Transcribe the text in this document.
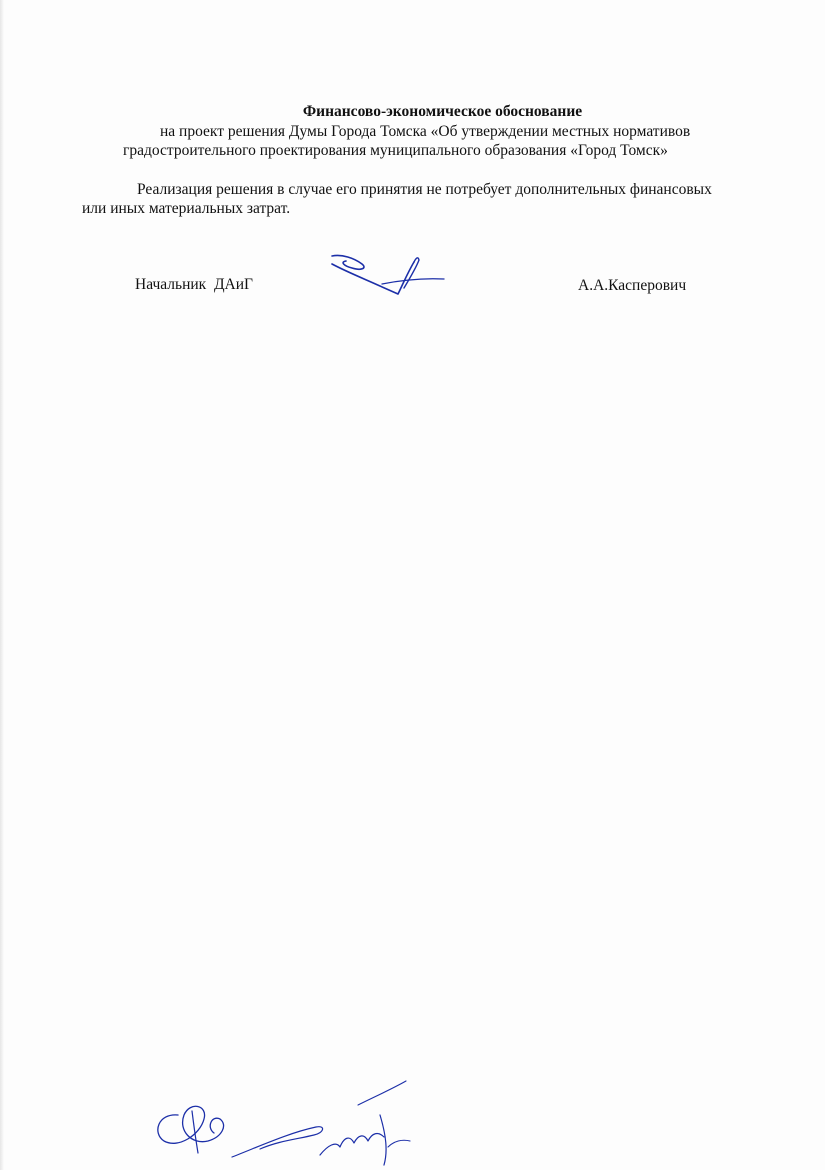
Финансово-экономическое обоснование
на проект решения Думы Города Томска «Об утверждении местных нормативов
градостроительного проектирования муниципального образования «Город Томск»
Реализация решения в случае его принятия не потребует дополнительных финансовых
или иных материальных затрат.
Начальник  ДАиГ	А.А.Касперович
